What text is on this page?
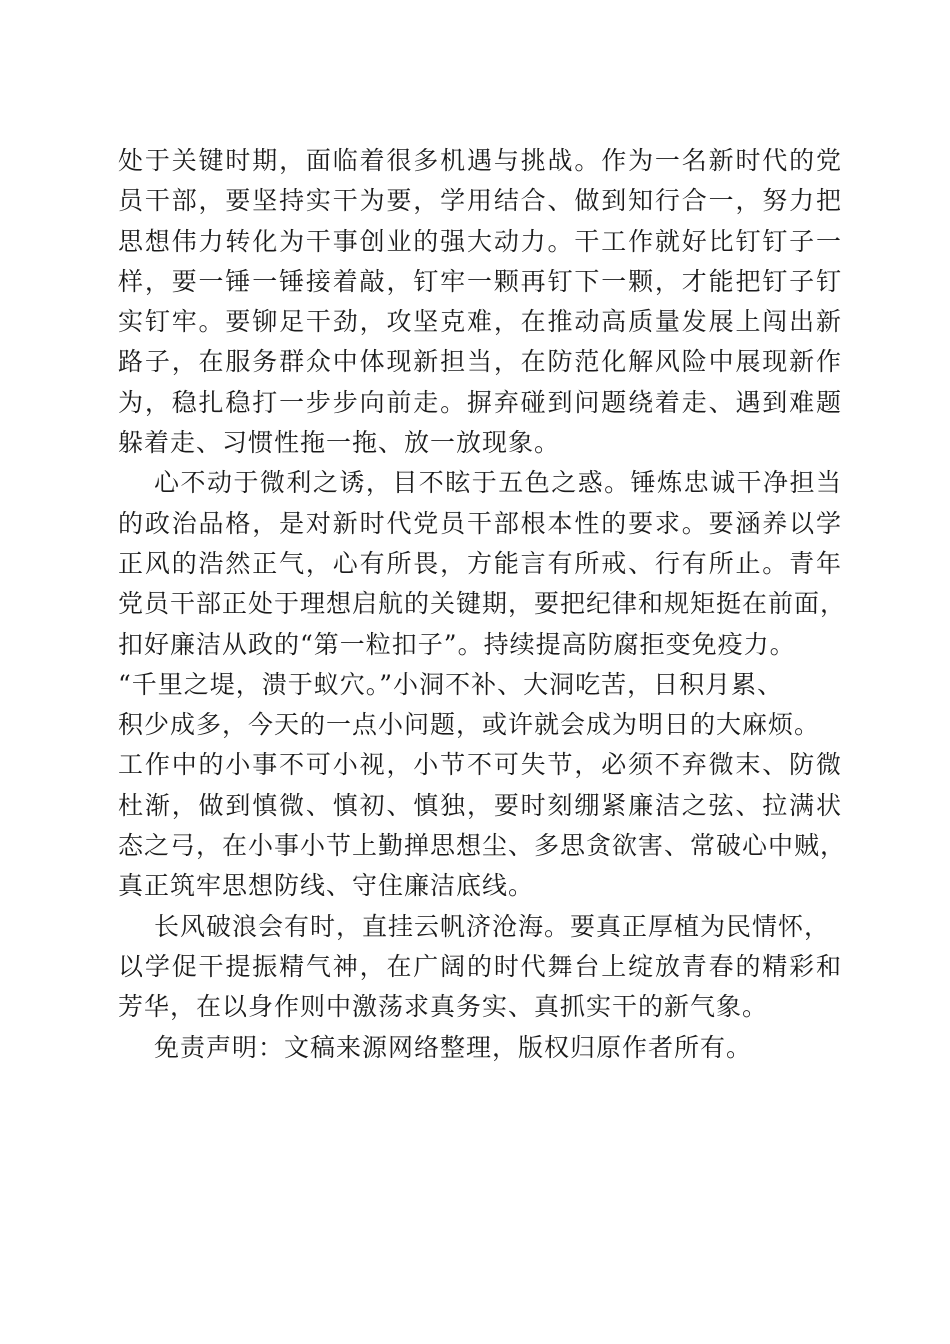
处于关键时期，面临着很多机遇与挑战。作为一名新时代的党
员干部，要坚持实干为要，学用结合、做到知行合一，努力把
思想伟力转化为干事创业的强大动力。干工作就好比钉钉子一
样，要一锤一锤接着敲，钉牢一颗再钉下一颗，才能把钉子钉
实钉牢。要铆足干劲，攻坚克难，在推动高质量发展上闯出新
路子，在服务群众中体现新担当，在防范化解风险中展现新作
为，稳扎稳打一步步向前走。摒弃碰到问题绕着走、遇到难题
躲着走、习惯性拖一拖、放一放现象。
心不动于微利之诱，目不眩于五色之惑。锤炼忠诚干净担当
的政治品格，是对新时代党员干部根本性的要求。要涵养以学
正风的浩然正气，心有所畏，方能言有所戒、行有所止。青年
党员干部正处于理想启航的关键期，要把纪律和规矩挺在前面，
扣好廉洁从政的“第一粒扣子”。持续提高防腐拒变免疫力。
“千里之堤，溃于蚁穴。”小洞不补、大洞吃苦，日积月累、
积少成多，今天的一点小问题，或许就会成为明日的大麻烦。
工作中的小事不可小视，小节不可失节，必须不弃微末、防微
杜渐，做到慎微、慎初、慎独，要时刻绷紧廉洁之弦、拉满状
态之弓，在小事小节上勤掸思想尘、多思贪欲害、常破心中贼，
真正筑牢思想防线、守住廉洁底线。
长风破浪会有时，直挂云帆济沧海。要真正厚植为民情怀，
以学促干提振精气神，在广阔的时代舞台上绽放青春的精彩和
芳华，在以身作则中激荡求真务实、真抓实干的新气象。
免责声明：文稿来源网络整理，版权归原作者所有。
